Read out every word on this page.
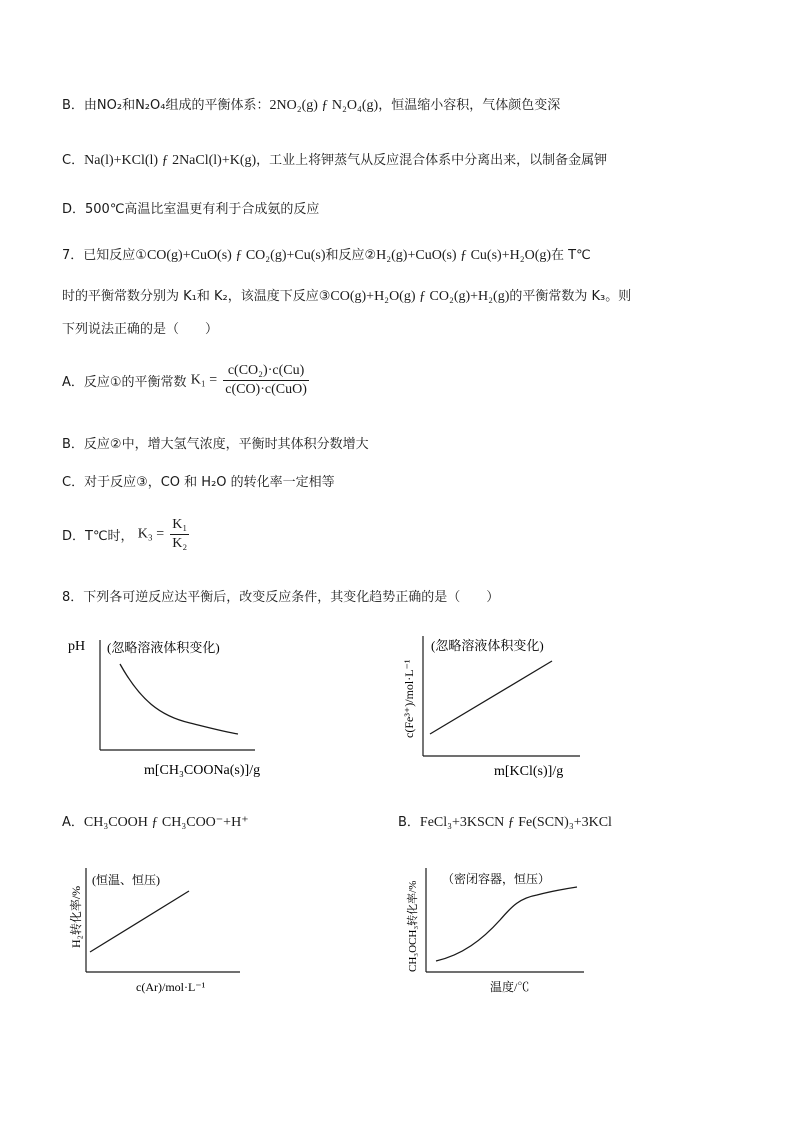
B．由NO₂和N₂O₄组成的平衡体系：2NO₂(g) ƒ N₂O₄(g)，恒温缩小容积，气体颜色变深
C．Na(l)+KCl(l) ƒ 2NaCl(l)+K(g)，工业上将钾蒸气从反应混合体系中分离出来，以制备金属钾
D．500℃高温比室温更有利于合成氨的反应
7．已知反应①CO(g)+CuO(s) ƒ CO₂(g)+Cu(s)和反应②H₂(g)+CuO(s) ƒ Cu(s)+H₂O(g)在 T℃
时的平衡常数分别为 K₁和 K₂，该温度下反应③CO(g)+H₂O(g) ƒ CO₂(g)+H₂(g)的平衡常数为 K₃。则
下列说法正确的是（　　）
A．反应①的平衡常数 $K_1 = \frac{\text{c(CO₂)·c(Cu)}}{\text{c(CO)·c(CuO)}}$
B．反应②中，增大氢气浓度，平衡时其体积分数增大
C．对于反应③，CO 和 H₂O 的转化率一定相等
D．T℃时， $K_3 = \frac{\text{K₁}}{\text{K₂}}$
8．下列各可逆反应达平衡后，改变反应条件，其变化趋势正确的是（　　）
pH (忽略溶液体积变化)
m[CH₃COONa(s)]/g
c(Fe³⁺)/mol·L⁻¹
(忽略溶液体积变化)
m[KCl(s)]/g
A．CH₃COOH ƒ CH₃COO⁻+H⁺	B．FeCl₃+3KSCN ƒ Fe(SCN)₃+3KCl
H₂转化率/%
(恒温、恒压)
c(Ar)/mol·L⁻¹
CH₃OCH₃转化率/%
（密闭容器，恒压）
温度/℃
